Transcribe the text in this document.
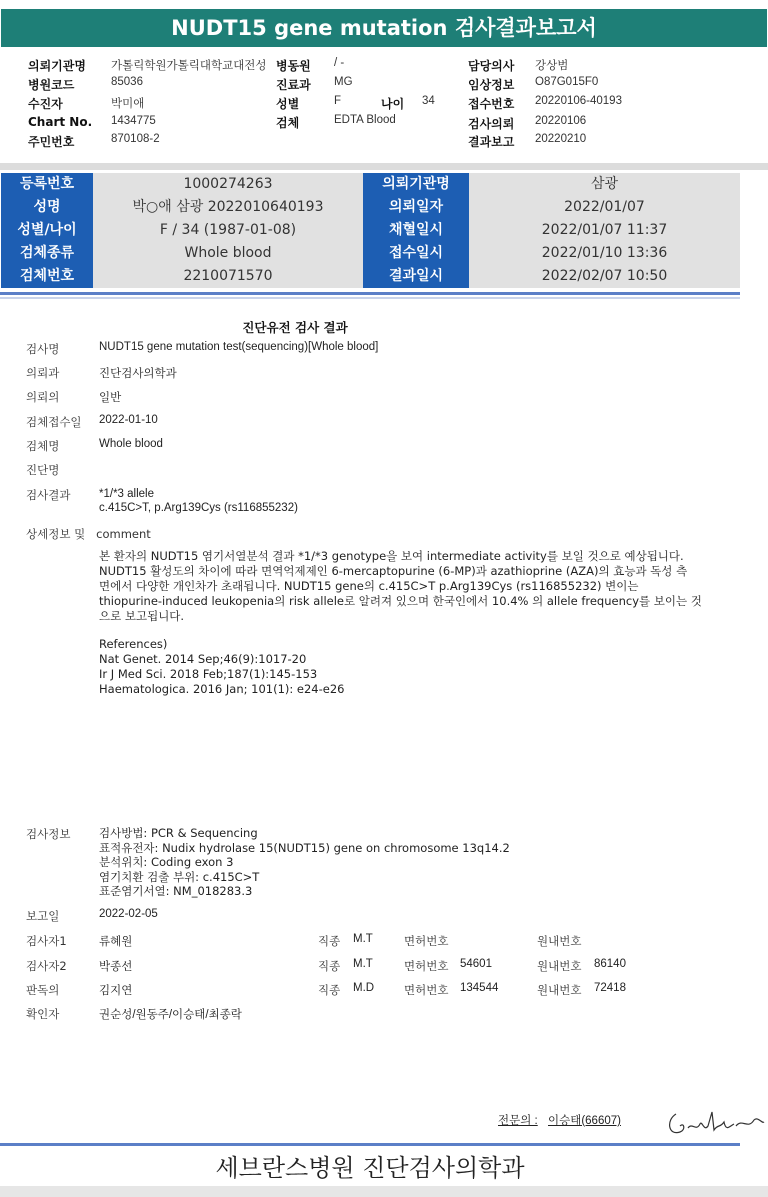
NUDT15 gene mutation 검사결과보고서
의뢰기관명 가톨릭학원가톨릭대학교대전성 병동원 / -	담당의사 강상범
병원코드	85036	진료과 MG	임상정보 O87G015F0
수진자	박미애	성별	F	나이 34	접수번호 20220106-40193
Chart No. 1434775	검체	EDTA Blood	검사의뢰 20220106
주민번호	870108-2	결과보고 20220210
등록번호	1000274263	의뢰기관명	삼광
성명	박○애 삼광 2022010640193	의뢰일자	2022/01/07
성별/나이	F / 34 (1987-01-08)	채혈일시	2022/01/07 11:37
검체종류	Whole blood	접수일시	2022/01/10 13:36
검체번호	2210071570	결과일시	2022/02/07 10:50
진단유전 검사 결과
검사명	NUDT15 gene mutation test(sequencing)[Whole blood]
의뢰과	진단검사의학과
의뢰의	일반
검체접수일 2022-01-10
검체명	Whole blood
진단명
검사결과 *1/*3 allele
c.415C>T, p.Arg139Cys (rs116855232)
상세정보 및 comment
본 환자의 NUDT15 염기서열분석 결과 *1/*3 genotype을 보여 intermediate activity를 보일 것으로 예상됩니다.
NUDT15 활성도의 차이에 따라 면역억제제인 6-mercaptopurine (6-MP)과 azathioprine (AZA)의 효능과 독성 측
면에서 다양한 개인차가 초래됩니다. NUDT15 gene의 c.415C>T p.Arg139Cys (rs116855232) 변이는
thiopurine-induced leukopenia의 risk allele로 알려져 있으며 한국인에서 10.4% 의 allele frequency를 보이는 것
으로 보고됩니다.
References)
Nat Genet. 2014 Sep;46(9):1017-20
Ir J Med Sci. 2018 Feb;187(1):145-153
Haematologica. 2016 Jan; 101(1): e24-e26
검사정보 검사방법: PCR & Sequencing
표적유전자: Nudix hydrolase 15(NUDT15) gene on chromosome 13q14.2
분석위치: Coding exon 3
염기치환 검출 부위: c.415C>T
표준염기서열: NM_018283.3
보고일	2022-02-05
검사자1	류혜원	직종 M.T	면허번호	원내번호
검사자2	박종선	직종 M.T	면허번호 54601	원내번호 86140
판독의	김지연	직종 M.D	면허번호 134544	원내번호 72418
확인자	권순성/원동주/이승태/최종락
전문의 : 이승태(66607)
세브란스병원 진단검사의학과
